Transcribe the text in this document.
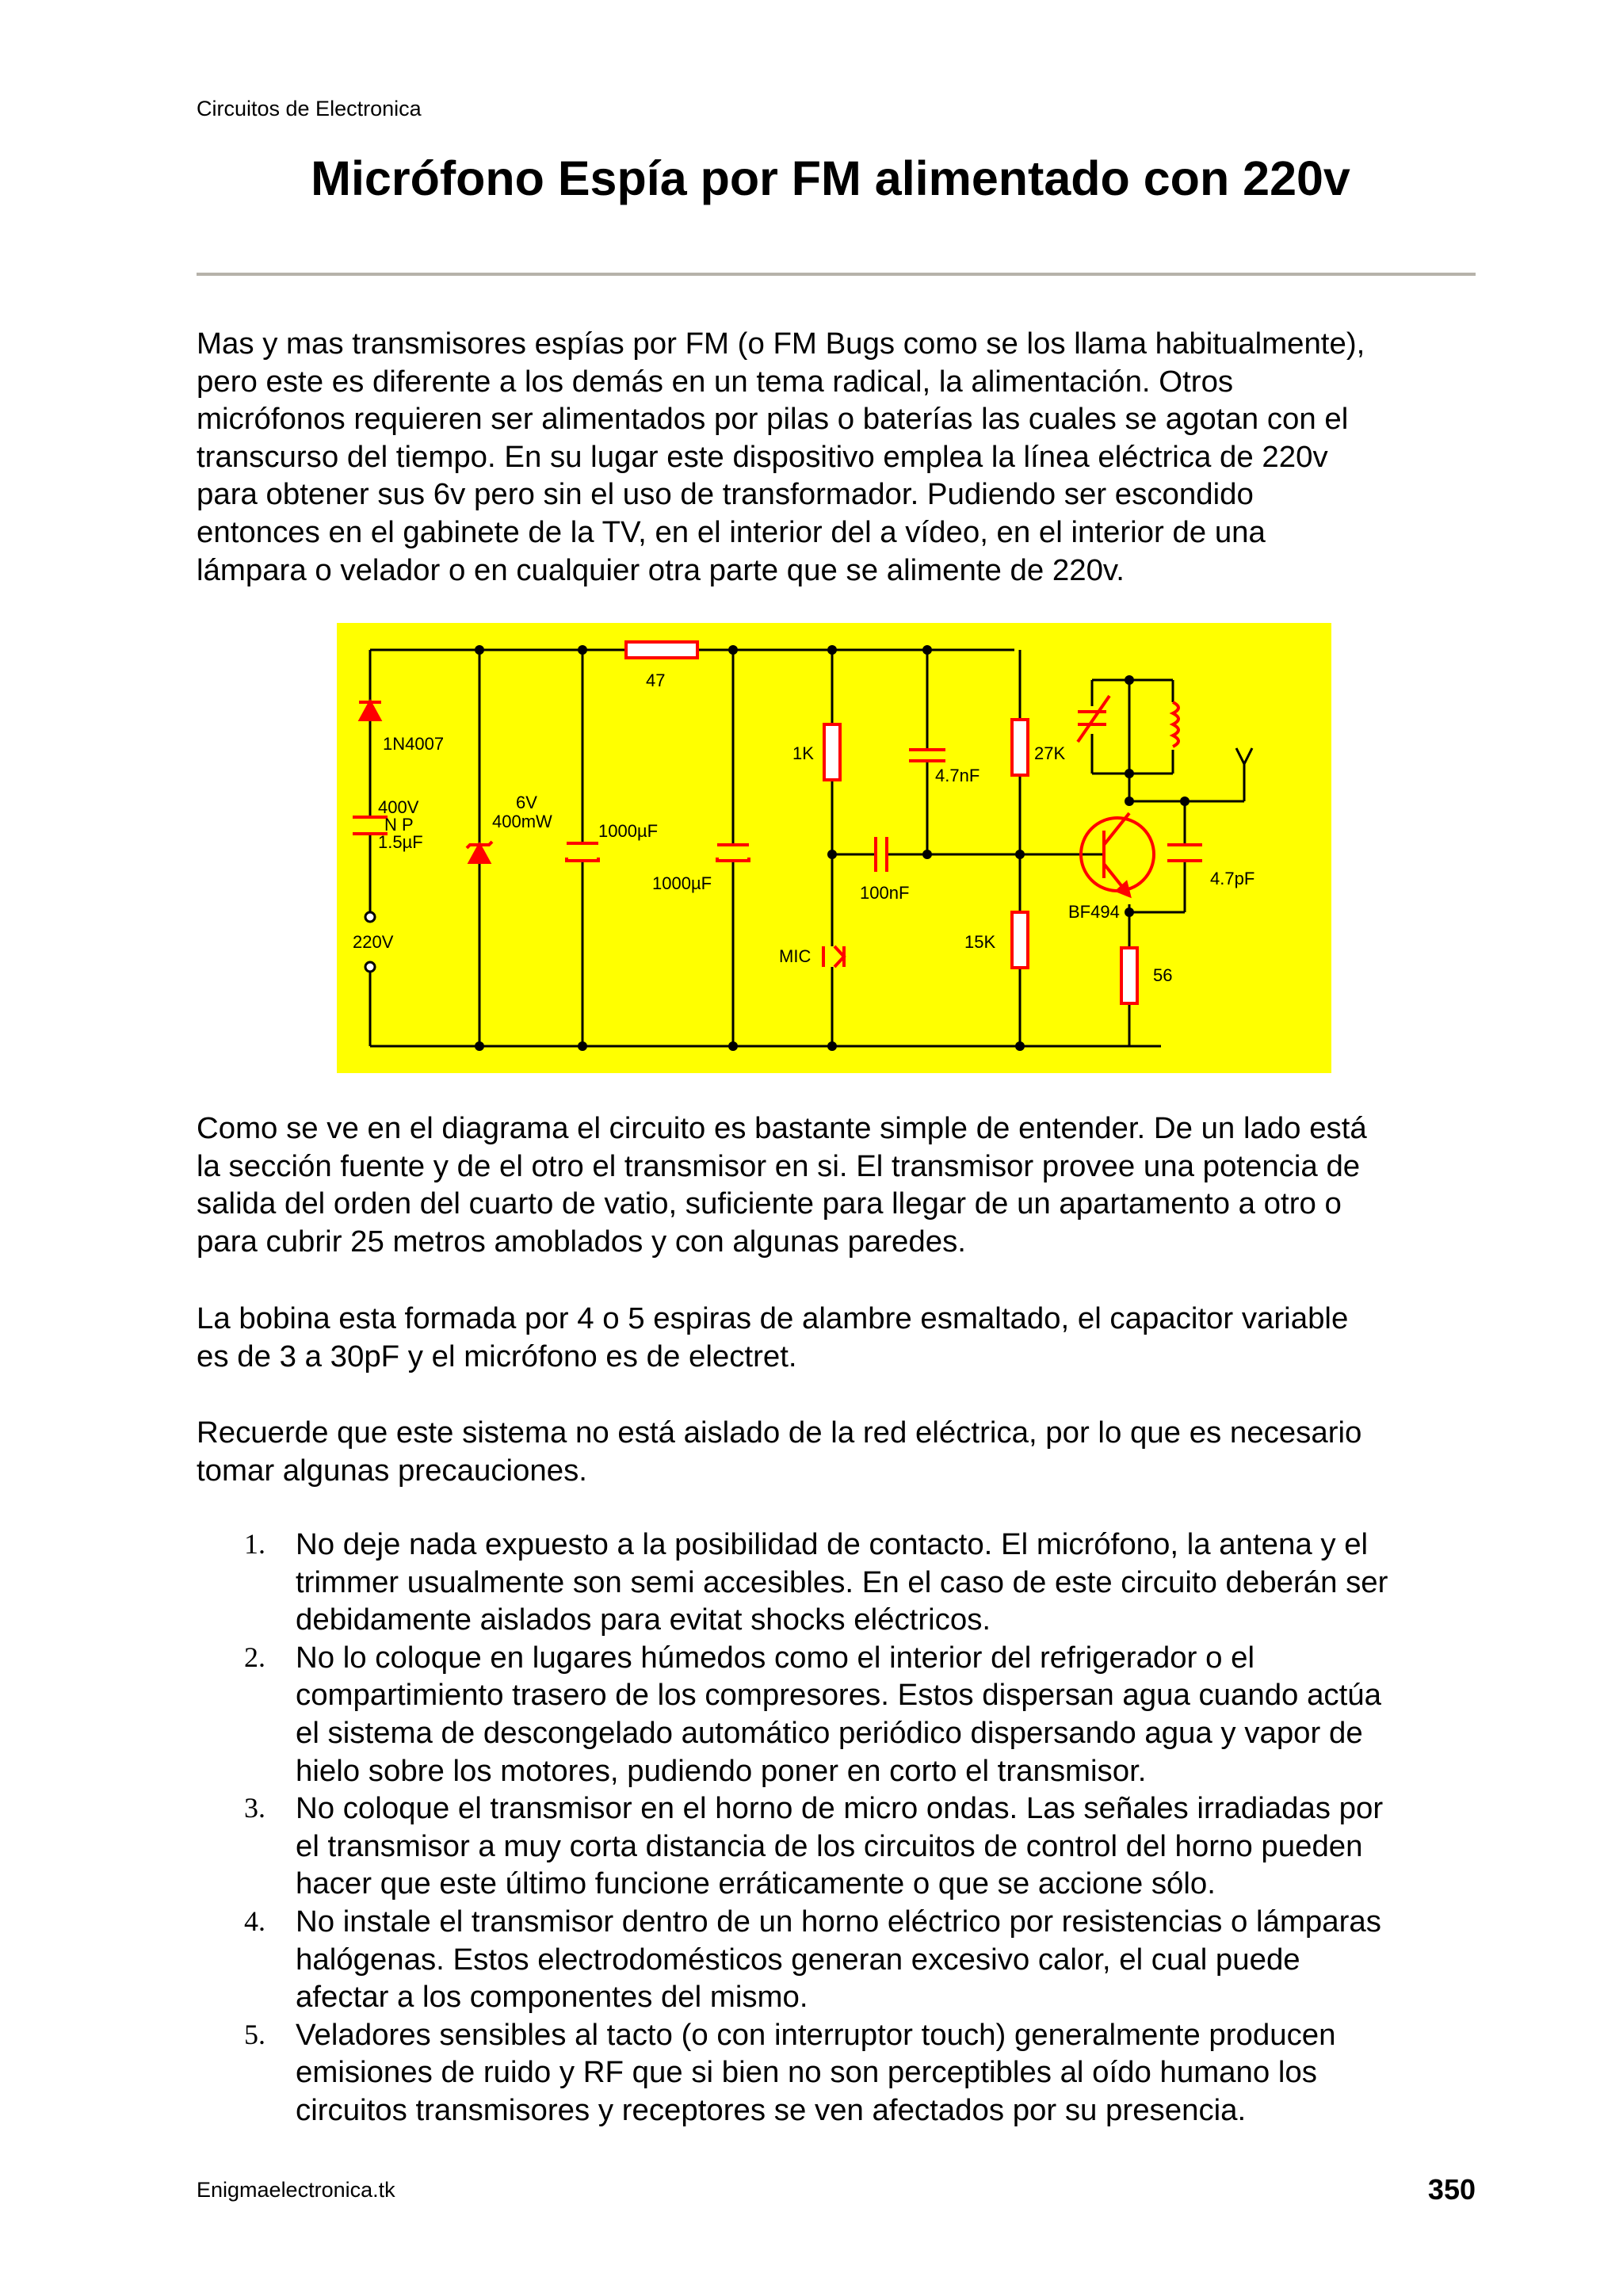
Circuitos de Electronica
Micrófono Espía por FM alimentado con 220v
Mas y mas transmisores espías por FM (o FM Bugs como se los llama habitualmente),
pero este es diferente a los demás en un tema radical, la alimentación. Otros
micrófonos requieren ser alimentados por pilas o baterías las cuales se agotan con el
transcurso del tiempo. En su lugar este dispositivo emplea la línea eléctrica de 220v
para obtener sus 6v pero sin el uso de transformador. Pudiendo ser escondido
entonces en el gabinete de la TV, en el interior del a vídeo, en el interior de una
lámpara o velador o en cualquier otra parte que se alimente de 220v.
47
1N4007
400V
N P
1.5µF
6V
400mW	1000µF
1000µF
1K
4.7nF
27K
100nF
15K
BF494
4.7pF
56
MIC
220V
Como se ve en el diagrama el circuito es bastante simple de entender. De un lado está
la sección fuente y de el otro el transmisor en si. El transmisor provee una potencia de
salida del orden del cuarto de vatio, suficiente para llegar de un apartamento a otro o
para cubrir 25 metros amoblados y con algunas paredes.
La bobina esta formada por 4 o 5 espiras de alambre esmaltado, el capacitor variable
es de 3 a 30pF y el micrófono es de electret.
Recuerde que este sistema no está aislado de la red eléctrica, por lo que es necesario
tomar algunas precauciones.
1. No deje nada expuesto a la posibilidad de contacto. El micrófono, la antena y el
trimmer usualmente son semi accesibles. En el caso de este circuito deberán ser
debidamente aislados para evitat shocks eléctricos.
2. No lo coloque en lugares húmedos como el interior del refrigerador o el
compartimiento trasero de los compresores. Estos dispersan agua cuando actúa
el sistema de descongelado automático periódico dispersando agua y vapor de
hielo sobre los motores, pudiendo poner en corto el transmisor.
3. No coloque el transmisor en el horno de micro ondas. Las señales irradiadas por
el transmisor a muy corta distancia de los circuitos de control del horno pueden
hacer que este último funcione erráticamente o que se accione sólo.
4. No instale el transmisor dentro de un horno eléctrico por resistencias o lámparas
halógenas. Estos electrodomésticos generan excesivo calor, el cual puede
afectar a los componentes del mismo.
5. Veladores sensibles al tacto (o con interruptor touch) generalmente producen
emisiones de ruido y RF que si bien no son perceptibles al oído humano los
circuitos transmisores y receptores se ven afectados por su presencia.
Enigmaelectronica.tk	350
